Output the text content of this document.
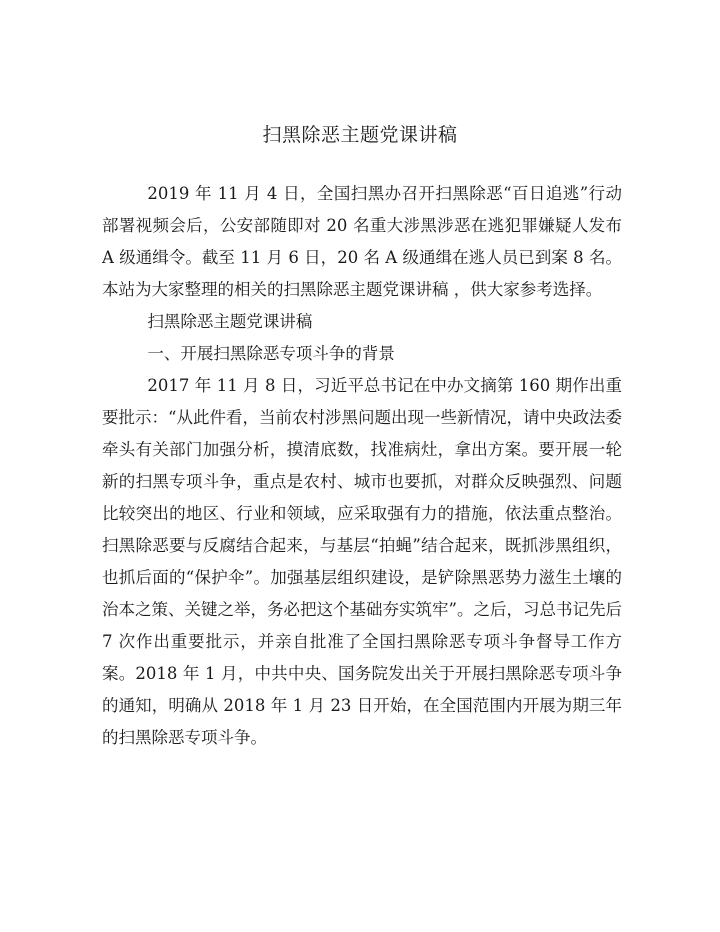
扫黑除恶主题党课讲稿

2019 年 11 月 4 日，全国扫黑办召开扫黑除恶“百日追逃”行动部署视频会后，公安部随即对 20 名重大涉黑涉恶在逃犯罪嫌疑人发布 A 级通缉令。截至 11 月 6 日，20 名 A 级通缉在逃人员已到案 8 名。本站为大家整理的相关的扫黑除恶主题党课讲稿 ，供大家参考选择。

扫黑除恶主题党课讲稿

一、开展扫黑除恶专项斗争的背景

2017 年 11 月 8 日，习近平总书记在中办文摘第 160 期作出重要批示：“从此件看，当前农村涉黑问题出现一些新情况，请中央政法委牵头有关部门加强分析，摸清底数，找准病灶，拿出方案。要开展一轮新的扫黑专项斗争，重点是农村、城市也要抓，对群众反映强烈、问题比较突出的地区、行业和领域，应采取强有力的措施，依法重点整治。扫黑除恶要与反腐结合起来，与基层“拍蝇”结合起来，既抓涉黑组织，也抓后面的“保护伞”。加强基层组织建设，是铲除黑恶势力滋生土壤的治本之策、关键之举，务必把这个基础夯实筑牢”。之后，习总书记先后 7 次作出重要批示，并亲自批准了全国扫黑除恶专项斗争督导工作方案。2018 年 1 月，中共中央、国务院发出关于开展扫黑除恶专项斗争的通知，明确从 2018 年 1 月 23 日开始，在全国范围内开展为期三年的扫黑除恶专项斗争。
